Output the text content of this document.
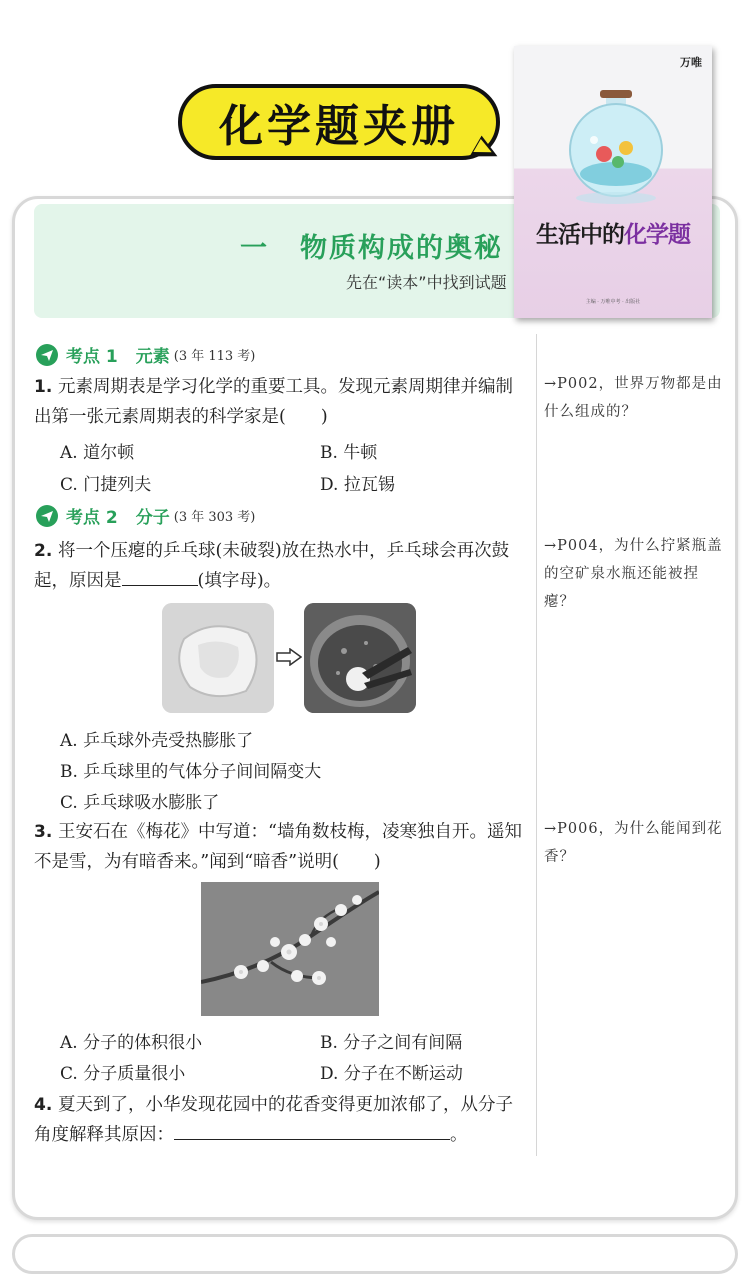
化学题夹册
一 物质构成的奥秘
先在“读本”中找到试题
万唯
生活中的化学题
主编 · 万唯中考 · 出版社
考点 1 元素 (3 年 113 考)
1. 元素周期表是学习化学的重要工具。发现元素周期律并编制出第一张元素周期表的科学家是(　　)
A. 道尔顿	B. 牛顿
C. 门捷列夫	D. 拉瓦锡
→P002，世界万物都是由什么组成的？
考点 2 分子 (3 年 303 考)
2. 将一个压瘪的乒乓球(未破裂)放在热水中，乒乓球会再次鼓起，原因是	(填字母)。
→P004，为什么拧紧瓶盖的空矿泉水瓶还能被捏瘪？
A. 乒乓球外壳受热膨胀了
B. 乒乓球里的气体分子间间隔变大
C. 乒乓球吸水膨胀了
3. 王安石在《梅花》中写道：“墙角数枝梅，凌寒独自开。遥知不是雪，为有暗香来。”闻到“暗香”说明(　　)
→P006，为什么能闻到花香？
A. 分子的体积很小	B. 分子之间有间隔
C. 分子质量很小	D. 分子在不断运动
4. 夏天到了，小华发现花园中的花香变得更加浓郁了，从分子角度解释其原因：	。
